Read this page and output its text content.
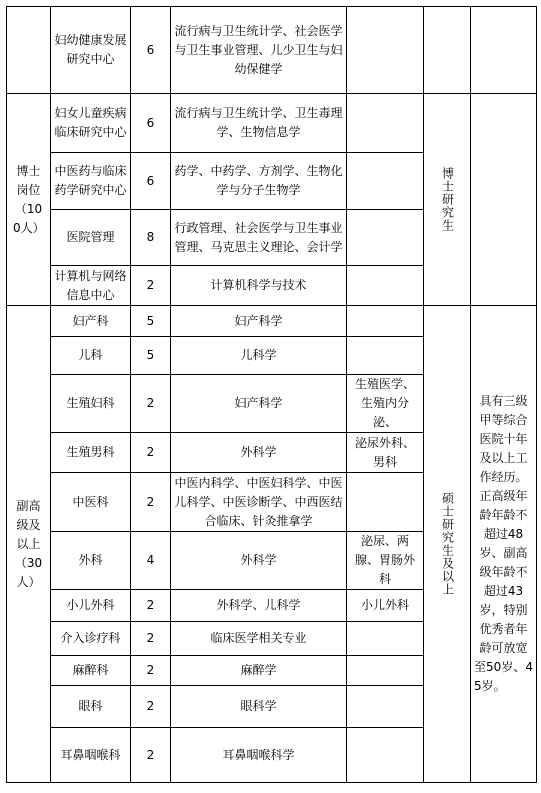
	妇幼健康发展研究中心	6	流行病与卫生统计学、社会医学与卫生事业管理、儿少卫生与妇幼保健学			
博士岗位（100人）	妇女儿童疾病临床研究中心	6	流行病与卫生统计学、卫生毒理学、生物信息学		博士研究生	
	中医药与临床药学研究中心	6	药学、中药学、方剂学、生物化学与分子生物学			
	医院管理	8	行政管理、社会医学与卫生事业管理、马克思主义理论、会计学			
	计算机与网络信息中心	2	计算机科学与技术			
副高级及以上（30人）	妇产科	5	妇产科学		硕士研究生及以上	具有三级甲等综合医院十年及以上工作经历。正高级年龄年龄不超过48岁、副高级年龄不超过43岁，特别优秀者年龄可放宽至50岁、45岁。
	儿科	5	儿科学			
	生殖妇科	2	妇产科学	生殖医学、生殖内分泌、		
	生殖男科	2	外科学	泌尿外科、男科		
	中医科	2	中医内科学、中医妇科学、中医儿科学、中医诊断学、中西医结合临床、针灸推拿学			
	外科	4	外科学	泌尿、两腺、胃肠外科		
	小儿外科	2	外科学、儿科学	小儿外科		
	介入诊疗科	2	临床医学相关专业			
	麻醉科	2	麻醉学			
	眼科	2	眼科学			
	耳鼻咽喉科	2	耳鼻咽喉科学			
